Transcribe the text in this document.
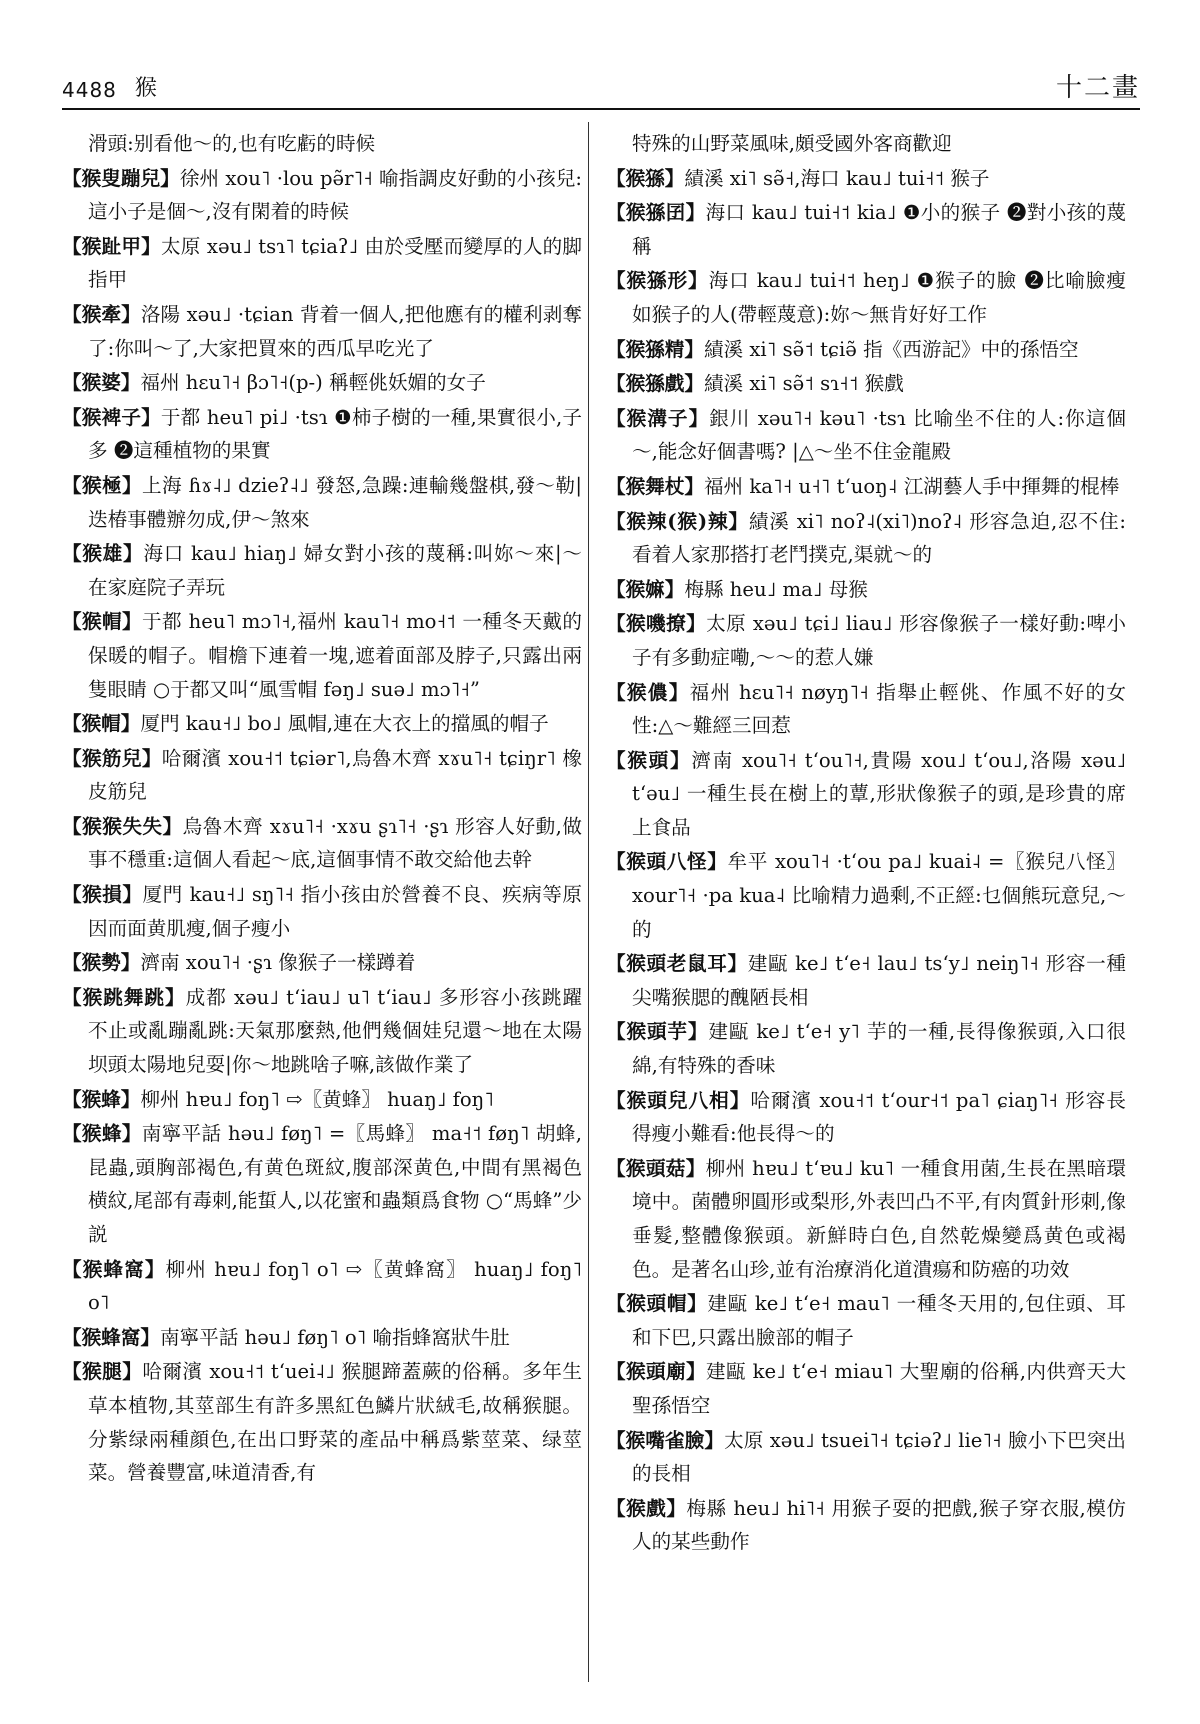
4488 猴	十二畫

滑頭:别看他～的,也有吃虧的時候

【猴叟蹦兒】徐州 xou˥ ·lou pə̃r˥˧ 喻指調皮好動的小孩兒:這小子是個～,沒有閑着的時候

【猴趾甲】太原 xəu˩ tsɿ˥ tɕiaʔ˩ 由於受壓而變厚的人的脚指甲

【猴牽】洛陽 xəu˩ ·tɕian 背着一個人,把他應有的權利剥奪了:你叫～了,大家把買來的西瓜早吃光了

【猴婆】福州 hɛu˥˧ βɔ˥˧(p-) 稱輕佻妖媚的女子

【猴裨子】于都 heu˥ pi˩ ·tsɿ ❶柿子樹的一種,果實很小,子多 ❷這種植物的果實

【猴極】上海 ɦɤ˨˩ dzieʔ˨˩ 發怒,急躁:連輸幾盤棋,發～勒|迭椿事體辦勿成,伊～煞來

【猴雄】海口 kau˩ hiaŋ˩ 婦女對小孩的蔑稱:叫妳～來|～在家庭院子弄玩

【猴帽】于都 heu˥ mɔ˥˧,福州 kau˥˧ mo˧˦ 一種冬天戴的保暖的帽子。帽檐下連着一塊,遮着面部及脖子,只露出兩隻眼睛 ○于都又叫“風雪帽 fəŋ˩ suə˩ mɔ˥˧”

【猴帽】厦門 kau˧˩ bo˩ 風帽,連在大衣上的擋風的帽子

【猴筋兒】哈爾濱 xou˧˦ tɕiər˥,烏魯木齊 xɤu˥˧ tɕiŋr˥ 橡皮筋兒

【猴猴失失】烏魯木齊 xɤu˥˧ ·xɤu ʂɿ˥˧ ·ʂɿ 形容人好動,做事不穩重:這個人看起～底,這個事情不敢交給他去幹

【猴損】厦門 kau˧˩ sŋ˥˧ 指小孩由於營養不良、疾病等原因而面黄肌瘦,個子瘦小

【猴勢】濟南 xou˥˧ ·ʂɿ 像猴子一樣蹲着

【猴跳舞跳】成都 xəu˩ tʻiau˩ u˥ tʻiau˩ 多形容小孩跳躍不止或亂蹦亂跳:天氣那麼熱,他們幾個娃兒還～地在太陽坝頭太陽地兒耍|你～地跳啥子嘛,該做作業了

【猴蜂】柳州 hɐu˩ foŋ˥ ⇨〖黄蜂〗 huaŋ˩ foŋ˥

【猴蜂】南寧平話 həu˩ føŋ˥ =〖馬蜂〗 ma˧˦ føŋ˥ 胡蜂,昆蟲,頭胸部褐色,有黄色斑紋,腹部深黄色,中間有黑褐色横紋,尾部有毒刺,能蜇人,以花蜜和蟲類爲食物 ○“馬蜂”少説

【猴蜂窩】柳州 hɐu˩ foŋ˥ o˥ ⇨〖黄蜂窩〗 huaŋ˩ foŋ˥ o˥

【猴蜂窩】南寧平話 həu˩ føŋ˥ o˥ 喻指蜂窩狀牛肚

【猴腿】哈爾濱 xou˧˦ tʻuei˨˩ 猴腿蹄蓋蕨的俗稱。多年生草本植物,其莖部生有許多黑紅色鱗片狀絨毛,故稱猴腿。分紫绿兩種顔色,在出口野菜的產品中稱爲紫莖菜、绿莖菜。營養豐富,味道清香,有

特殊的山野菜風味,頗受國外客商歡迎

【猴猻】績溪 xi˥ sə̃˧,海口 kau˩ tui˧˦ 猴子

【猴猻囝】海口 kau˩ tui˧˦ kia˩ ❶小的猴子 ❷對小孩的蔑稱

【猴猻形】海口 kau˩ tui˧˦ heŋ˩ ❶猴子的臉 ❷比喻臉瘦如猴子的人(帶輕蔑意):妳～無肯好好工作

【猴猻精】績溪 xi˥ sə̃˦ tɕiə̃ 指《西游記》中的孫悟空

【猴猻戲】績溪 xi˥ sə̃˦ sɿ˧˦ 猴戲

【猴溝子】銀川 xəu˥˧ kəu˥ ·tsɿ 比喻坐不住的人:你這個～,能念好個書嗎? |△～坐不住金龍殿

【猴舞杖】福州 ka˥˧ u˧˥ tʻuoŋ˨ 江湖藝人手中揮舞的棍棒

【猴辣(猴)辣】績溪 xi˥ noʔ˨(xi˥)noʔ˨ 形容急迫,忍不住:看着人家那搭打老鬥撲克,渠就～的

【猴嫲】梅縣 heu˩ ma˩ 母猴

【猴嘰撩】太原 xəu˩ tɕi˩ liau˩ 形容像猴子一樣好動:啤小子有多動症嘞,～～的惹人嫌

【猴儂】福州 hɛu˥˧ nøyŋ˥˧ 指舉止輕佻、作風不好的女性:△～難經三回惹

【猴頭】濟南 xou˥˧ tʻou˥˧,貴陽 xou˩ tʻou˩,洛陽 xəu˩ tʻəu˩ 一種生長在樹上的蕈,形狀像猴子的頭,是珍貴的席上食品

【猴頭八怪】牟平 xou˥˧ ·tʻou pa˩ kuai˨ =〖猴兒八怪〗 xour˥˧ ·pa kua˨ 比喻精力過剩,不正經:乜個熊玩意兒,～的

【猴頭老鼠耳】建甌 ke˩ tʻe˧ lau˩ tsʻy˩ neiŋ˥˧ 形容一種尖嘴猴腮的醜陋長相

【猴頭芋】建甌 ke˩ tʻe˧ y˥ 芋的一種,長得像猴頭,入口很綿,有特殊的香味

【猴頭兒八相】哈爾濱 xou˧˦ tʻour˧˦ pa˥ ɕiaŋ˥˧ 形容長得瘦小難看:他長得～的

【猴頭菇】柳州 hɐu˩ tʻɐu˩ ku˥ 一種食用菌,生長在黑暗環境中。菌體卵圓形或梨形,外表凹凸不平,有肉質針形刺,像垂髮,整體像猴頭。新鮮時白色,自然乾燥變爲黄色或褐色。是著名山珍,並有治療消化道潰瘍和防癌的功效

【猴頭帽】建甌 ke˩ tʻe˧ mau˥ 一種冬天用的,包住頭、耳和下巴,只露出臉部的帽子

【猴頭廟】建甌 ke˩ tʻe˧ miau˥ 大聖廟的俗稱,内供齊天大聖孫悟空

【猴嘴雀臉】太原 xəu˩ tsuei˥˧ tɕiəʔ˩ lie˥˧ 臉小下巴突出的長相

【猴戲】梅縣 heu˩ hi˥˧ 用猴子耍的把戲,猴子穿衣服,模仿人的某些動作
